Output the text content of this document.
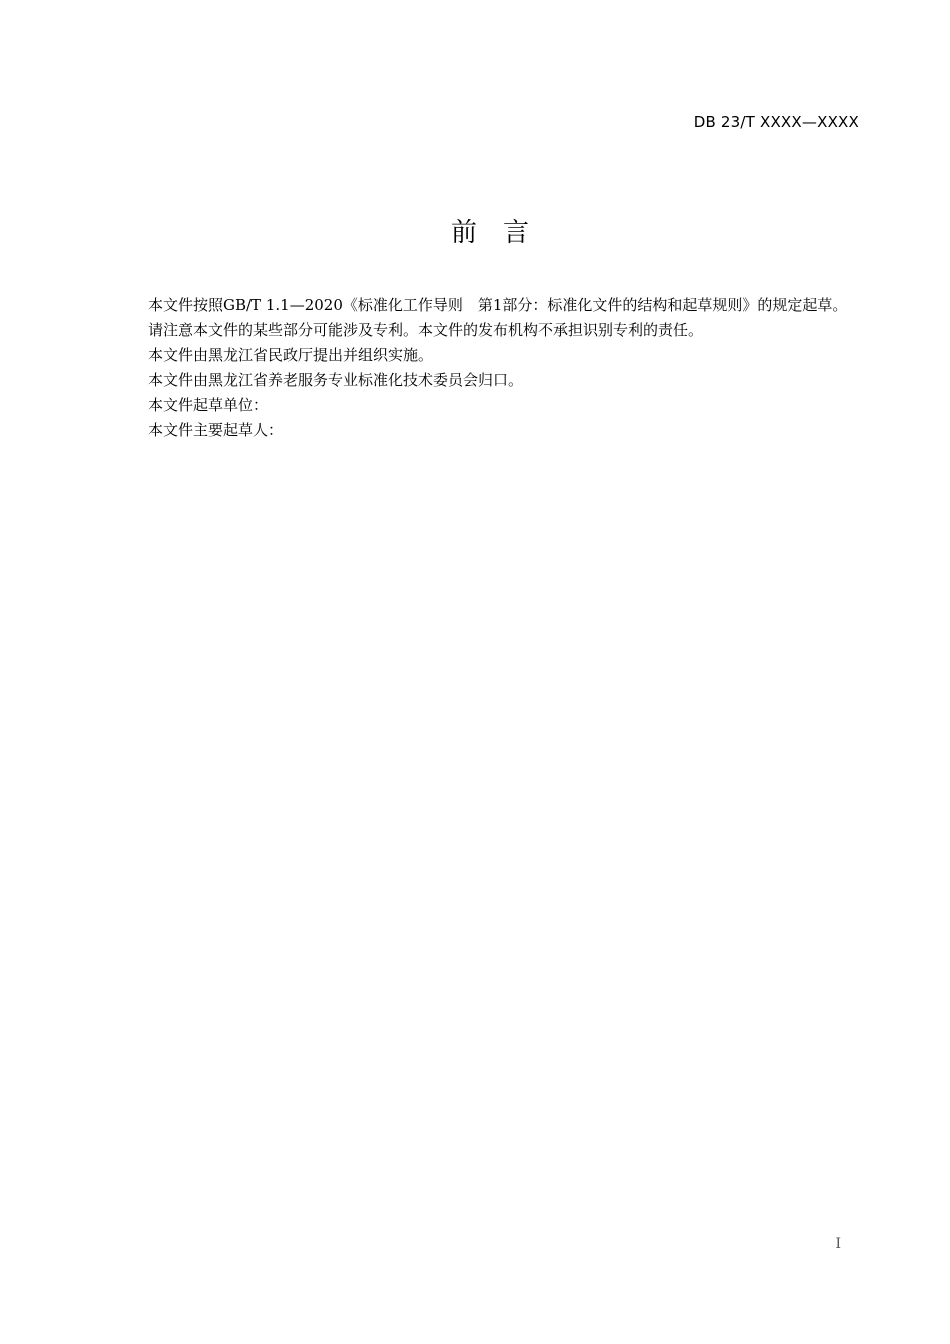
DB 23/T XXXX—XXXX
前言

本文件按照GB/T 1.1—2020《标准化工作导则　第1部分：标准化文件的结构和起草规则》的规定起草。

请注意本文件的某些部分可能涉及专利。本文件的发布机构不承担识别专利的责任。

本文件由黑龙江省民政厅提出并组织实施。

本文件由黑龙江省养老服务专业标准化技术委员会归口。

本文件起草单位：

本文件主要起草人：

I
